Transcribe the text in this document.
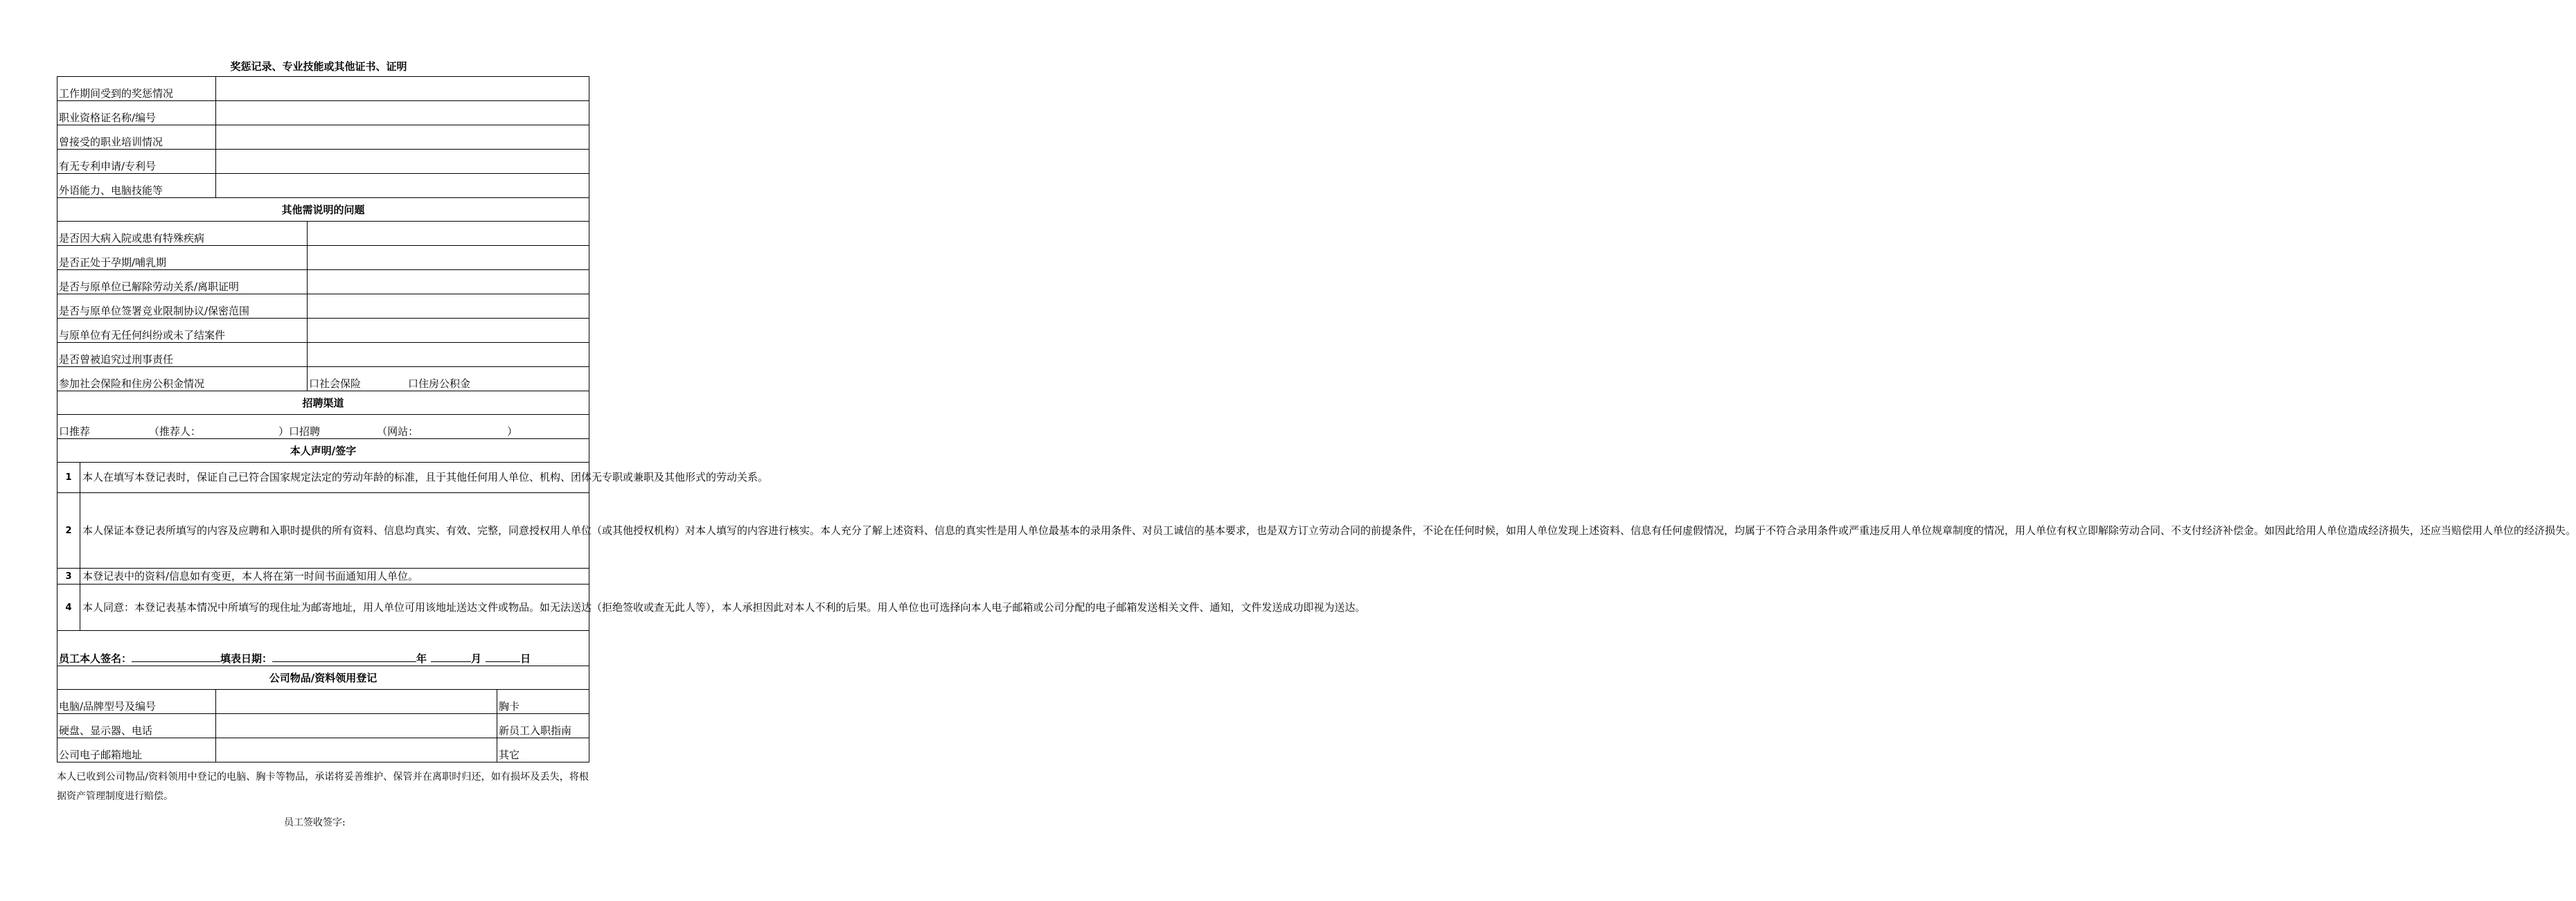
奖惩记录、专业技能或其他证书、证明
工作期间受到的奖惩情况				
职业资格证名称/编号				
曾接受的职业培训情况				
有无专利申请/专利号				
外语能力、电脑技能等				
其他需说明的问题				
是否因大病入院或患有特殊疾病				
是否正处于孕期/哺乳期				
是否与原单位已解除劳动关系/离职证明				
是否与原单位签署竞业限制协议/保密范围				
与原单位有无任何纠纷或未了结案件				
是否曾被追究过刑事责任				
参加社会保险和住房公积金情况			口社会保险 口住房公积金	
招聘渠道				
口推荐 （推荐人： ）口招聘 （网站： ）				
本人声明/签字				
1	本人在填写本登记表时，保证自己已符合国家规定法定的劳动年龄的标准，且于其他任何用人单位、机构、团体无专职或兼职及其他形式的劳动关系。			
2	本人保证本登记表所填写的内容及应聘和入职时提供的所有资料、信息均真实、有效、完整，同意授权用人单位（或其他授权机构）对本人填写的内容进行核实。本人充分了解上述资料、信息的真实性是用人单位最基本的录用条件、对员工诚信的基本要求，也是双方订立劳动合同的前提条件，不论在任何时候，如用人单位发现上述资料、信息有任何虚假情况，均属于不符合录用条件或严重违反用人单位规章制度的情况，用人单位有权立即解除劳动合同、不支付经济补偿金。如因此给用人单位造成经济损失，还应当赔偿用人单位的经济损失。			
3	本登记表中的资料/信息如有变更，本人将在第一时间书面通知用人单位。			
4	本人同意：本登记表基本情况中所填写的现住址为邮寄地址，用人单位可用该地址送达文件或物品。如无法送达（拒绝签收或查无此人等），本人承担因此对本人不利的后果。用人单位也可选择向本人电子邮箱或公司分配的电子邮箱发送相关文件、通知，文件发送成功即视为送达。			
员工本人签名： 填表日期： 年 月 日				
公司物品/资料领用登记				
电脑/品牌型号及编号				胸卡
硬盘、显示器、电话				新员工入职指南
公司电子邮箱地址				其它
本人已收到公司物品/资料领用中登记的电脑、胸卡等物品，承诺将妥善维护、保管并在离职时归还，如有损坏及丢失，将根据资产管理制度进行赔偿。
员工签收签字:
